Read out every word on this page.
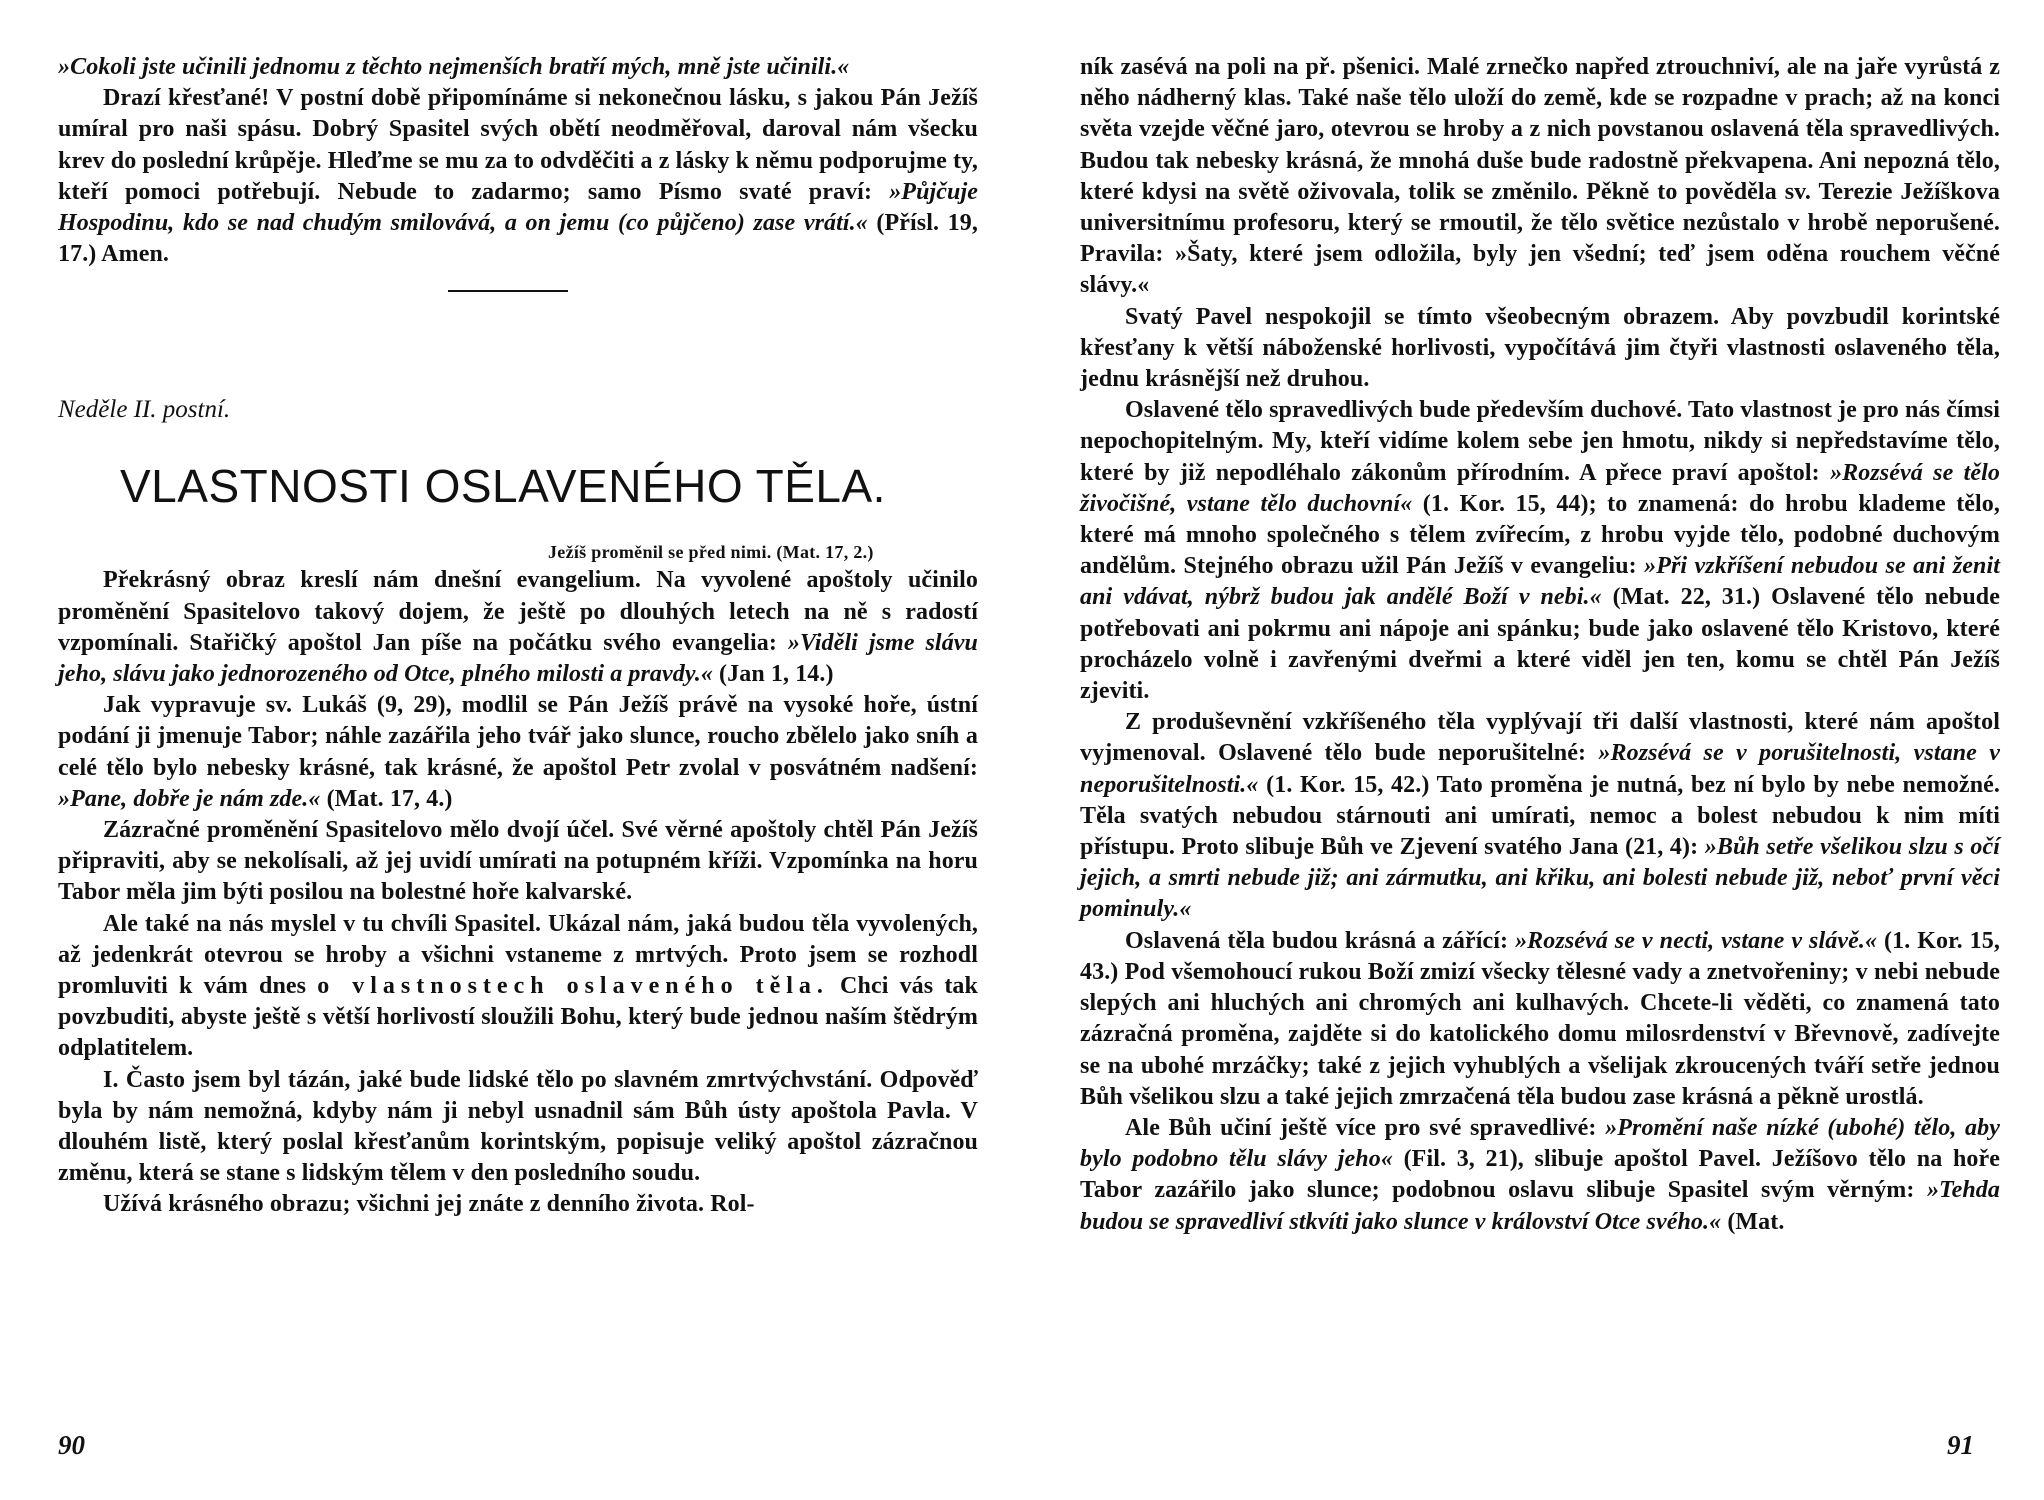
»Cokoli jste učinili jednomu z těchto nejmenších bratří mých, mně jste učinili.«

Drazí křesťané! V postní době připomínáme si nekonečnou lásku, s jakou Pán Ježíš umíral pro naši spásu. Dobrý Spasitel svých obětí neodměřoval, daroval nám všecku krev do poslední krůpěje. Hleďme se mu za to odvděčiti a z lásky k němu podporujme ty, kteří pomoci potřebují. Nebude to zadarmo; samo Písmo svaté praví: »Půjčuje Hospodinu, kdo se nad chudým smilovává, a on jemu (co půjčeno) zase vrátí.« (Přísl. 19, 17.) Amen.

Neděle II. postní.
VLASTNOSTI OSLAVENÉHO TĚLA.
Ježíš proměnil se před nimi. (Mat. 17, 2.)

Překrásný obraz kreslí nám dnešní evangelium. Na vyvolené apoštoly učinilo proměnění Spasitelovo takový dojem, že ještě po dlouhých letech na ně s radostí vzpomínali. Stařičký apoštol Jan píše na počátku svého evangelia: »Viděli jsme slávu jeho, slávu jako jednorozeného od Otce, plného milosti a pravdy.« (Jan 1, 14.)

Jak vypravuje sv. Lukáš (9, 29), modlil se Pán Ježíš právě na vysoké hoře, ústní podání ji jmenuje Tabor; náhle zazářila jeho tvář jako slunce, roucho zbělelo jako sníh a celé tělo bylo nebesky krásné, tak krásné, že apoštol Petr zvolal v posvátném nadšení: »Pane, dobře je nám zde.« (Mat. 17, 4.)

Zázračné proměnění Spasitelovo mělo dvojí účel. Své věrné apoštoly chtěl Pán Ježíš připraviti, aby se nekolísali, až jej uvidí umírati na potupném kříži. Vzpomínka na horu Tabor měla jim býti posilou na bolestné hoře kalvarské.

Ale také na nás myslel v tu chvíli Spasitel. Ukázal nám, jaká budou těla vyvolených, až jedenkrát otevrou se hroby a všichni vstaneme z mrtvých. Proto jsem se rozhodl promluviti k vám dnes o vlastnostech oslaveného těla. Chci vás tak povzbuditi, abyste ještě s větší horlivostí sloužili Bohu, který bude jednou naším štědrým odplatitelem.

I. Často jsem byl tázán, jaké bude lidské tělo po slavném zmrtvýchvstání. Odpověď byla by nám nemožná, kdyby nám ji nebyl usnadnil sám Bůh ústy apoštola Pavla. V dlouhém listě, který poslal křesťanům korintským, popisuje veliký apoštol zázračnou změnu, která se stane s lidským tělem v den posledního soudu.

Užívá krásného obrazu; všichni jej znáte z denního života. Rol-

90

ník zasévá na poli na př. pšenici. Malé zrnečko napřed ztrouchniví, ale na jaře vyrůstá z něho nádherný klas. Také naše tělo uloží do země, kde se rozpadne v prach; až na konci světa vzejde věčné jaro, otevrou se hroby a z nich povstanou oslavená těla spravedlivých. Budou tak nebesky krásná, že mnohá duše bude radostně překvapena. Ani nepozná tělo, které kdysi na světě oživovala, tolik se změnilo. Pěkně to pověděla sv. Terezie Ježíškova universitnímu profesoru, který se rmoutil, že tělo světice nezůstalo v hrobě neporušené. Pravila: »Šaty, které jsem odložila, byly jen všední; teď jsem oděna rouchem věčné slávy.«

Svatý Pavel nespokojil se tímto všeobecným obrazem. Aby povzbudil korintské křesťany k větší náboženské horlivosti, vypočítává jim čtyři vlastnosti oslaveného těla, jednu krásnější než druhou.

Oslavené tělo spravedlivých bude především duchové. Tato vlastnost je pro nás čímsi nepochopitelným. My, kteří vidíme kolem sebe jen hmotu, nikdy si nepředstavíme tělo, které by již nepodléhalo zákonům přírodním. A přece praví apoštol: »Rozsévá se tělo živočišné, vstane tělo duchovní« (1. Kor. 15, 44); to znamená: do hrobu klademe tělo, které má mnoho společného s tělem zvířecím, z hrobu vyjde tělo, podobné duchovým andělům. Stejného obrazu užil Pán Ježíš v evangeliu: »Při vzkříšení nebudou se ani ženit ani vdávat, nýbrž budou jak andělé Boží v nebi.« (Mat. 22, 31.) Oslavené tělo nebude potřebovati ani pokrmu ani nápoje ani spánku; bude jako oslavené tělo Kristovo, které procházelo volně i zavřenými dveřmi a které viděl jen ten, komu se chtěl Pán Ježíš zjeviti.

Z produševnění vzkříšeného těla vyplývají tři další vlastnosti, které nám apoštol vyjmenoval. Oslavené tělo bude neporušitelné: »Rozsévá se v porušitelnosti, vstane v neporušitelnosti.« (1. Kor. 15, 42.) Tato proměna je nutná, bez ní bylo by nebe nemožné. Těla svatých nebudou stárnouti ani umírati, nemoc a bolest nebudou k nim míti přístupu. Proto slibuje Bůh ve Zjevení svatého Jana (21, 4): »Bůh setře všelikou slzu s očí jejich, a smrti nebude již; ani zármutku, ani křiku, ani bolesti nebude již, neboť první věci pominuly.«

Oslavená těla budou krásná a zářící: »Rozsévá se v necti, vstane v slávě.« (1. Kor. 15, 43.) Pod všemohoucí rukou Boží zmizí všecky tělesné vady a znetvořeniny; v nebi nebude slepých ani hluchých ani chromých ani kulhavých. Chcete-li věděti, co znamená tato zázračná proměna, zajděte si do katolického domu milosrdenství v Břevnově, zadívejte se na ubohé mrzáčky; také z jejich vyhublých a všelijak zkroucených tváří setře jednou Bůh všelikou slzu a také jejich zmrzačená těla budou zase krásná a pěkně urostlá.

Ale Bůh učiní ještě více pro své spravedlivé: »Promění naše nízké (ubohé) tělo, aby bylo podobno tělu slávy jeho« (Fil. 3, 21), slibuje apoštol Pavel. Ježíšovo tělo na hoře Tabor zazářilo jako slunce; podobnou oslavu slibuje Spasitel svým věrným: »Tehda budou se spravedliví stkvíti jako slunce v království Otce svého.« (Mat.

91
